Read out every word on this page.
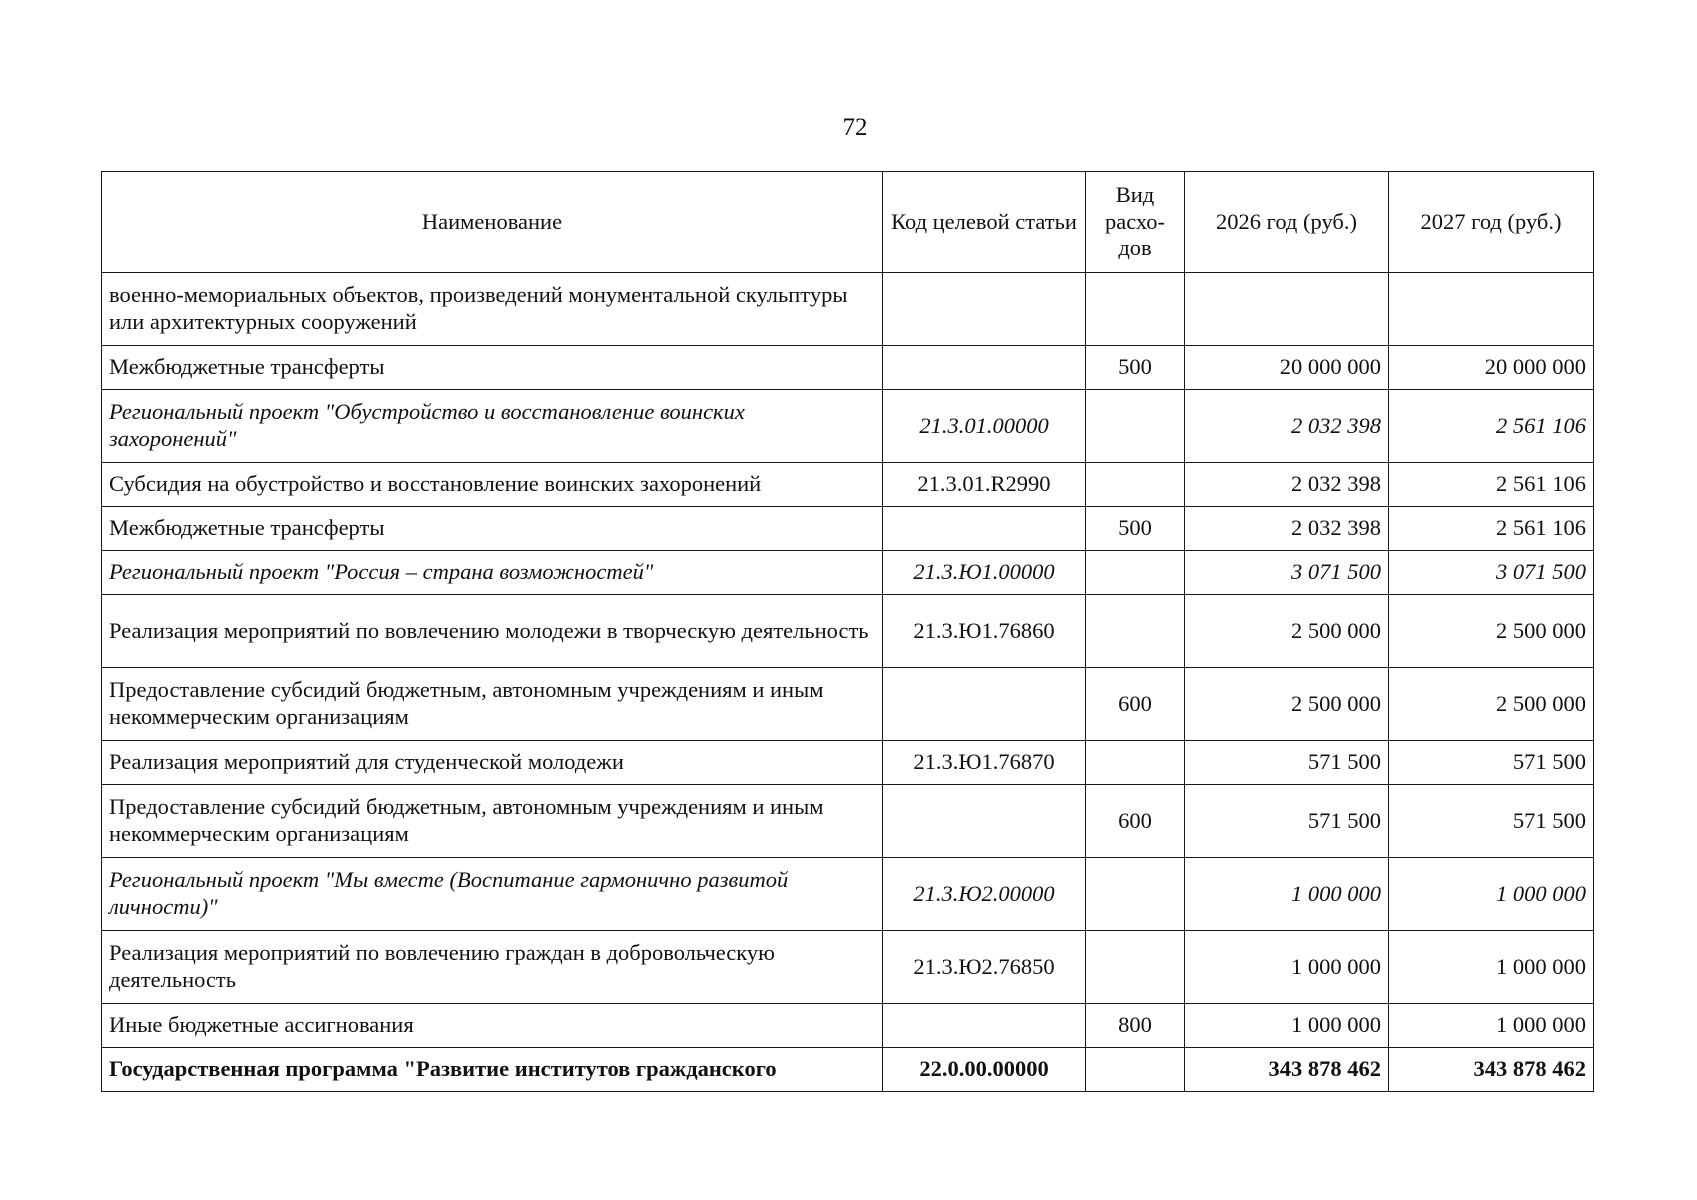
72
Наименование	Код целевой статьи	Вид расхо-дов	2026 год (руб.)	2027 год (руб.)
военно-мемориальных объектов, произведений монументальной скульптуры или архитектурных сооружений				
Межбюджетные трансферты		500	20 000 000	20 000 000
Региональный проект "Обустройство и восстановление воинских захоронений"	21.3.01.00000		2 032 398	2 561 106
Субсидия на обустройство и восстановление воинских захоронений	21.3.01.R2990		2 032 398	2 561 106
Межбюджетные трансферты		500	2 032 398	2 561 106
Региональный проект "Россия – страна возможностей"	21.3.Ю1.00000		3 071 500	3 071 500
Реализация мероприятий по вовлечению молодежи в творческую деятельность	21.3.Ю1.76860		2 500 000	2 500 000
Предоставление субсидий бюджетным, автономным учреждениям и иным некоммерческим организациям		600	2 500 000	2 500 000
Реализация мероприятий для студенческой молодежи	21.3.Ю1.76870		571 500	571 500
Предоставление субсидий бюджетным, автономным учреждениям и иным некоммерческим организациям		600	571 500	571 500
Региональный проект "Мы вместе (Воспитание гармонично развитой личности)"	21.3.Ю2.00000		1 000 000	1 000 000
Реализация мероприятий по вовлечению граждан в добровольческую деятельность	21.3.Ю2.76850		1 000 000	1 000 000
Иные бюджетные ассигнования		800	1 000 000	1 000 000
Государственная программа "Развитие институтов гражданского	22.0.00.00000		343 878 462	343 878 462
